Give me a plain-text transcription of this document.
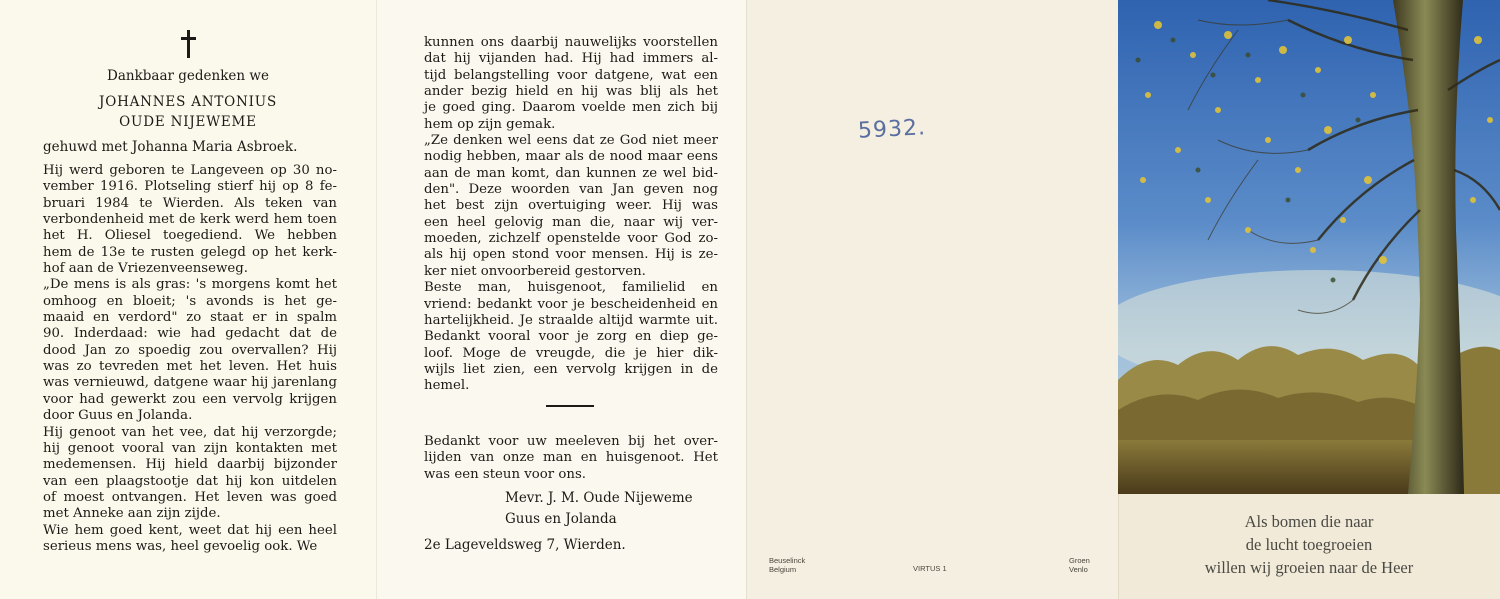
Dankbaar gedenken we
JOHANNES ANTONIUS
OUDE NIJEWEME
gehuwd met Johanna Maria Asbroek.
Hij werd geboren te Langeveen op 30 no-
vember 1916. Plotseling stierf hij op 8 fe-
bruari 1984 te Wierden. Als teken van
verbondenheid met de kerk werd hem toen
het H. Oliesel toegediend. We hebben
hem de 13e te rusten gelegd op het kerk-
hof aan de Vriezenveenseweg.
„De mens is als gras: 's morgens komt het
omhoog en bloeit; 's avonds is het ge-
maaid en verdord" zo staat er in spalm
90. Inderdaad: wie had gedacht dat de
dood Jan zo spoedig zou overvallen? Hij
was zo tevreden met het leven. Het huis
was vernieuwd, datgene waar hij jarenlang
voor had gewerkt zou een vervolg krijgen
door Guus en Jolanda.
Hij genoot van het vee, dat hij verzorgde;
hij genoot vooral van zijn kontakten met
medemensen. Hij hield daarbij bijzonder
van een plaagstootje dat hij kon uitdelen
of moest ontvangen. Het leven was goed
met Anneke aan zijn zijde.
Wie hem goed kent, weet dat hij een heel
serieus mens was, heel gevoelig ook. We
kunnen ons daarbij nauwelijks voorstellen
dat hij vijanden had. Hij had immers al-
tijd belangstelling voor datgene, wat een
ander bezig hield en hij was blij als het
je goed ging. Daarom voelde men zich bij
hem op zijn gemak.
„Ze denken wel eens dat ze God niet meer
nodig hebben, maar als de nood maar eens
aan de man komt, dan kunnen ze wel bid-
den". Deze woorden van Jan geven nog
het best zijn overtuiging weer. Hij was
een heel gelovig man die, naar wij ver-
moeden, zichzelf openstelde voor God zo-
als hij open stond voor mensen. Hij is ze-
ker niet onvoorbereid gestorven.
Beste man, huisgenoot, familielid en
vriend: bedankt voor je bescheidenheid en
hartelijkheid. Je straalde altijd warmte uit.
Bedankt vooral voor je zorg en diep ge-
loof. Moge de vreugde, die je hier dik-
wijls liet zien, een vervolg krijgen in de
hemel.
Bedankt voor uw meeleven bij het over-
lijden van onze man en huisgenoot. Het
was een steun voor ons.
Mevr. J. M. Oude Nijeweme
Guus en Jolanda
2e Lageveldsweg 7, Wierden.
5932.
Beuselinck
Belgium	VIRTUS 1
Groen
Venlo
Als bomen die naar
de lucht toegroeien
willen wij groeien naar de Heer
